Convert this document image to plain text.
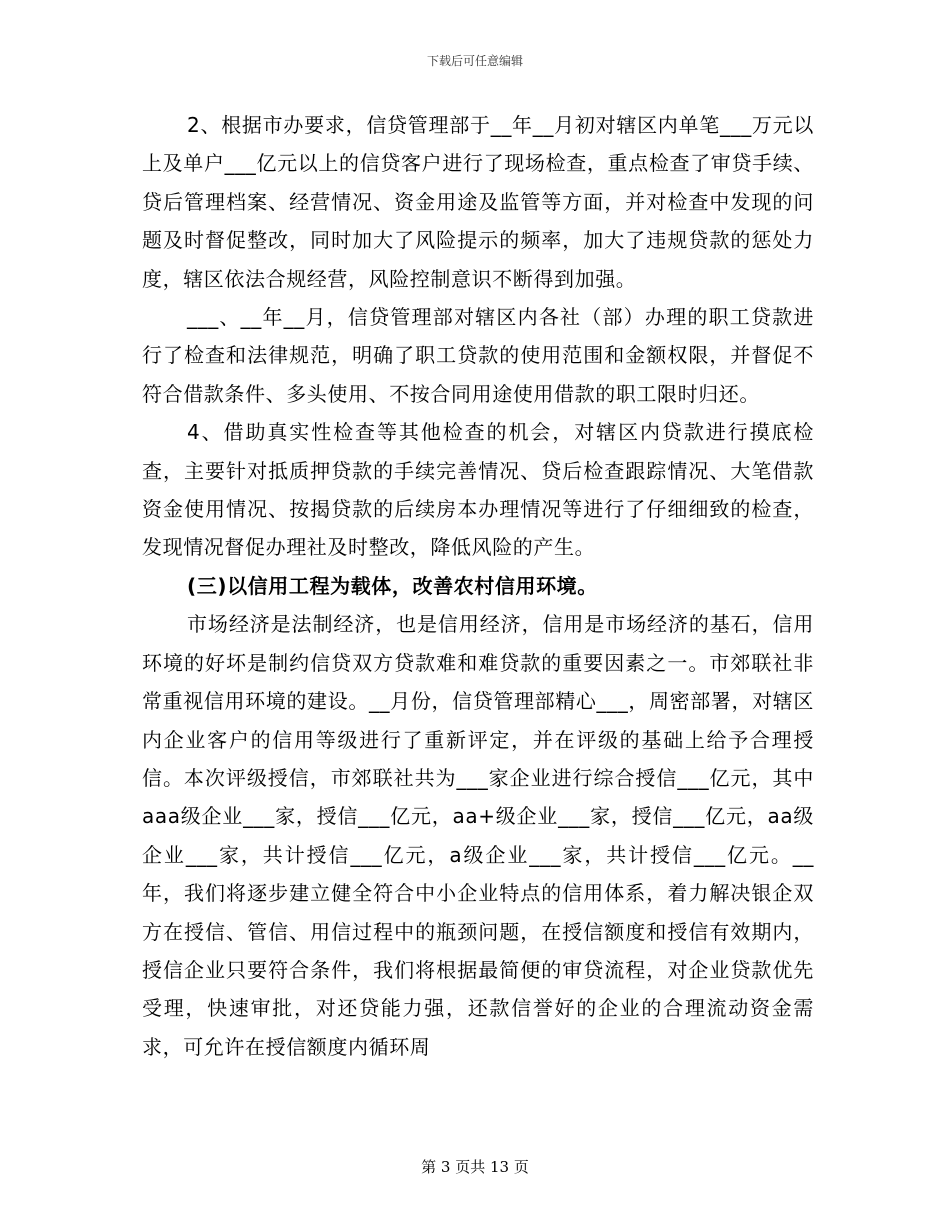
下载后可任意编辑

2、根据市办要求，信贷管理部于__年__月初对辖区内单笔___万元以上及单户___亿元以上的信贷客户进行了现场检查，重点检查了审贷手续、贷后管理档案、经营情况、资金用途及监管等方面，并对检查中发现的问题及时督促整改，同时加大了风险提示的频率，加大了违规贷款的惩处力度，辖区依法合规经营，风险控制意识不断得到加强。

___、__年__月，信贷管理部对辖区内各社（部）办理的职工贷款进行了检查和法律规范，明确了职工贷款的使用范围和金额权限，并督促不符合借款条件、多头使用、不按合同用途使用借款的职工限时归还。

4、借助真实性检查等其他检查的机会，对辖区内贷款进行摸底检查，主要针对抵质押贷款的手续完善情况、贷后检查跟踪情况、大笔借款资金使用情况、按揭贷款的后续房本办理情况等进行了仔细细致的检查，发现情况督促办理社及时整改，降低风险的产生。

(三)以信用工程为载体，改善农村信用环境。

市场经济是法制经济，也是信用经济，信用是市场经济的基石，信用环境的好坏是制约信贷双方贷款难和难贷款的重要因素之一。市郊联社非常重视信用环境的建设。__月份，信贷管理部精心___，周密部署，对辖区内企业客户的信用等级进行了重新评定，并在评级的基础上给予合理授信。本次评级授信，市郊联社共为___家企业进行综合授信___亿元，其中aaa级企业___家，授信___亿元，aa+级企业___家，授信___亿元，aa级企业___家，共计授信___亿元，a级企业___家，共计授信___亿元。__年，我们将逐步建立健全符合中小企业特点的信用体系，着力解决银企双方在授信、管信、用信过程中的瓶颈问题，在授信额度和授信有效期内，授信企业只要符合条件，我们将根据最简便的审贷流程，对企业贷款优先受理，快速审批，对还贷能力强，还款信誉好的企业的合理流动资金需求，可允许在授信额度内循环周

第 3 页共 13 页
